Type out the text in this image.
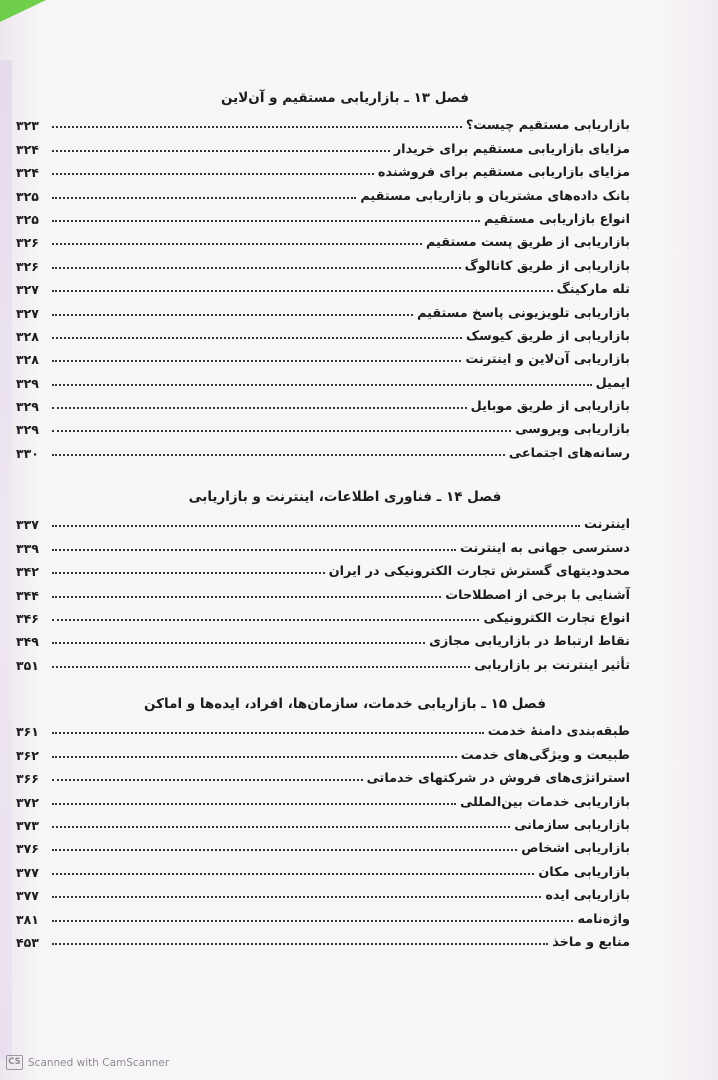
فصل ۱۳ ـ بازاریابی مستقیم و آن‌لاین
بازاریابی مستقیم چیست؟
۳۲۳
مزایای بازاریابی مستقیم برای خریدار
۳۲۴
مزایای بازاریابی مستقیم برای فروشنده
۳۲۴
بانک داده‌های مشتریان و بازاریابی مستقیم
۳۲۵
انواع بازاریابی مستقیم
۳۲۵
بازاریابی از طریق پست مستقیم
۳۲۶
بازاریابی از طریق کاتالوگ
۳۲۶
تله مارکینگ
۳۲۷
بازاریابی تلویزیونی پاسخ مستقیم
۳۲۷
بازاریابی از طریق کیوسک
۳۲۸
بازاریابی آن‌لاین و اینترنت
۳۲۸
ایمیل
۳۲۹
بازاریابی از طریق موبایل
۳۲۹
بازاریابی ویروسی
۳۲۹
رسانه‌های اجتماعی
۳۳۰
فصل ۱۴ ـ فناوری اطلاعات، اینترنت و بازاریابی
اینترنت
۳۳۷
دسترسی جهانی به اینترنت
۳۳۹
محدودیتهای گسترش تجارت الکترونیکی در ایران
۳۴۲
آشنایی با برخی از اصطلاحات
۳۴۴
انواع تجارت الکترونیکی
۳۴۶
نقاط ارتباط در بازاریابی مجازی
۳۴۹
تأثیر اینترنت بر بازاریابی
۳۵۱
فصل ۱۵ ـ بازاریابی خدمات، سازمان‌ها، افراد، ایده‌ها و اماکن
طبقه‌بندی دامنهٔ خدمت
۳۶۱
طبیعت و ویژگی‌های خدمت
۳۶۲
استراتژی‌های فروش در شرکتهای خدماتی
۳۶۶
بازاریابی خدمات بین‌المللی
۳۷۲
بازاریابی سازمانی
۳۷۳
بازاریابی اشخاص
۳۷۶
بازاریابی مکان
۳۷۷
بازاریابی ایده
۳۷۷
واژه‌نامه
۳۸۱
منابع و ماخذ
۴۵۳
CS Scanned with CamScanner
